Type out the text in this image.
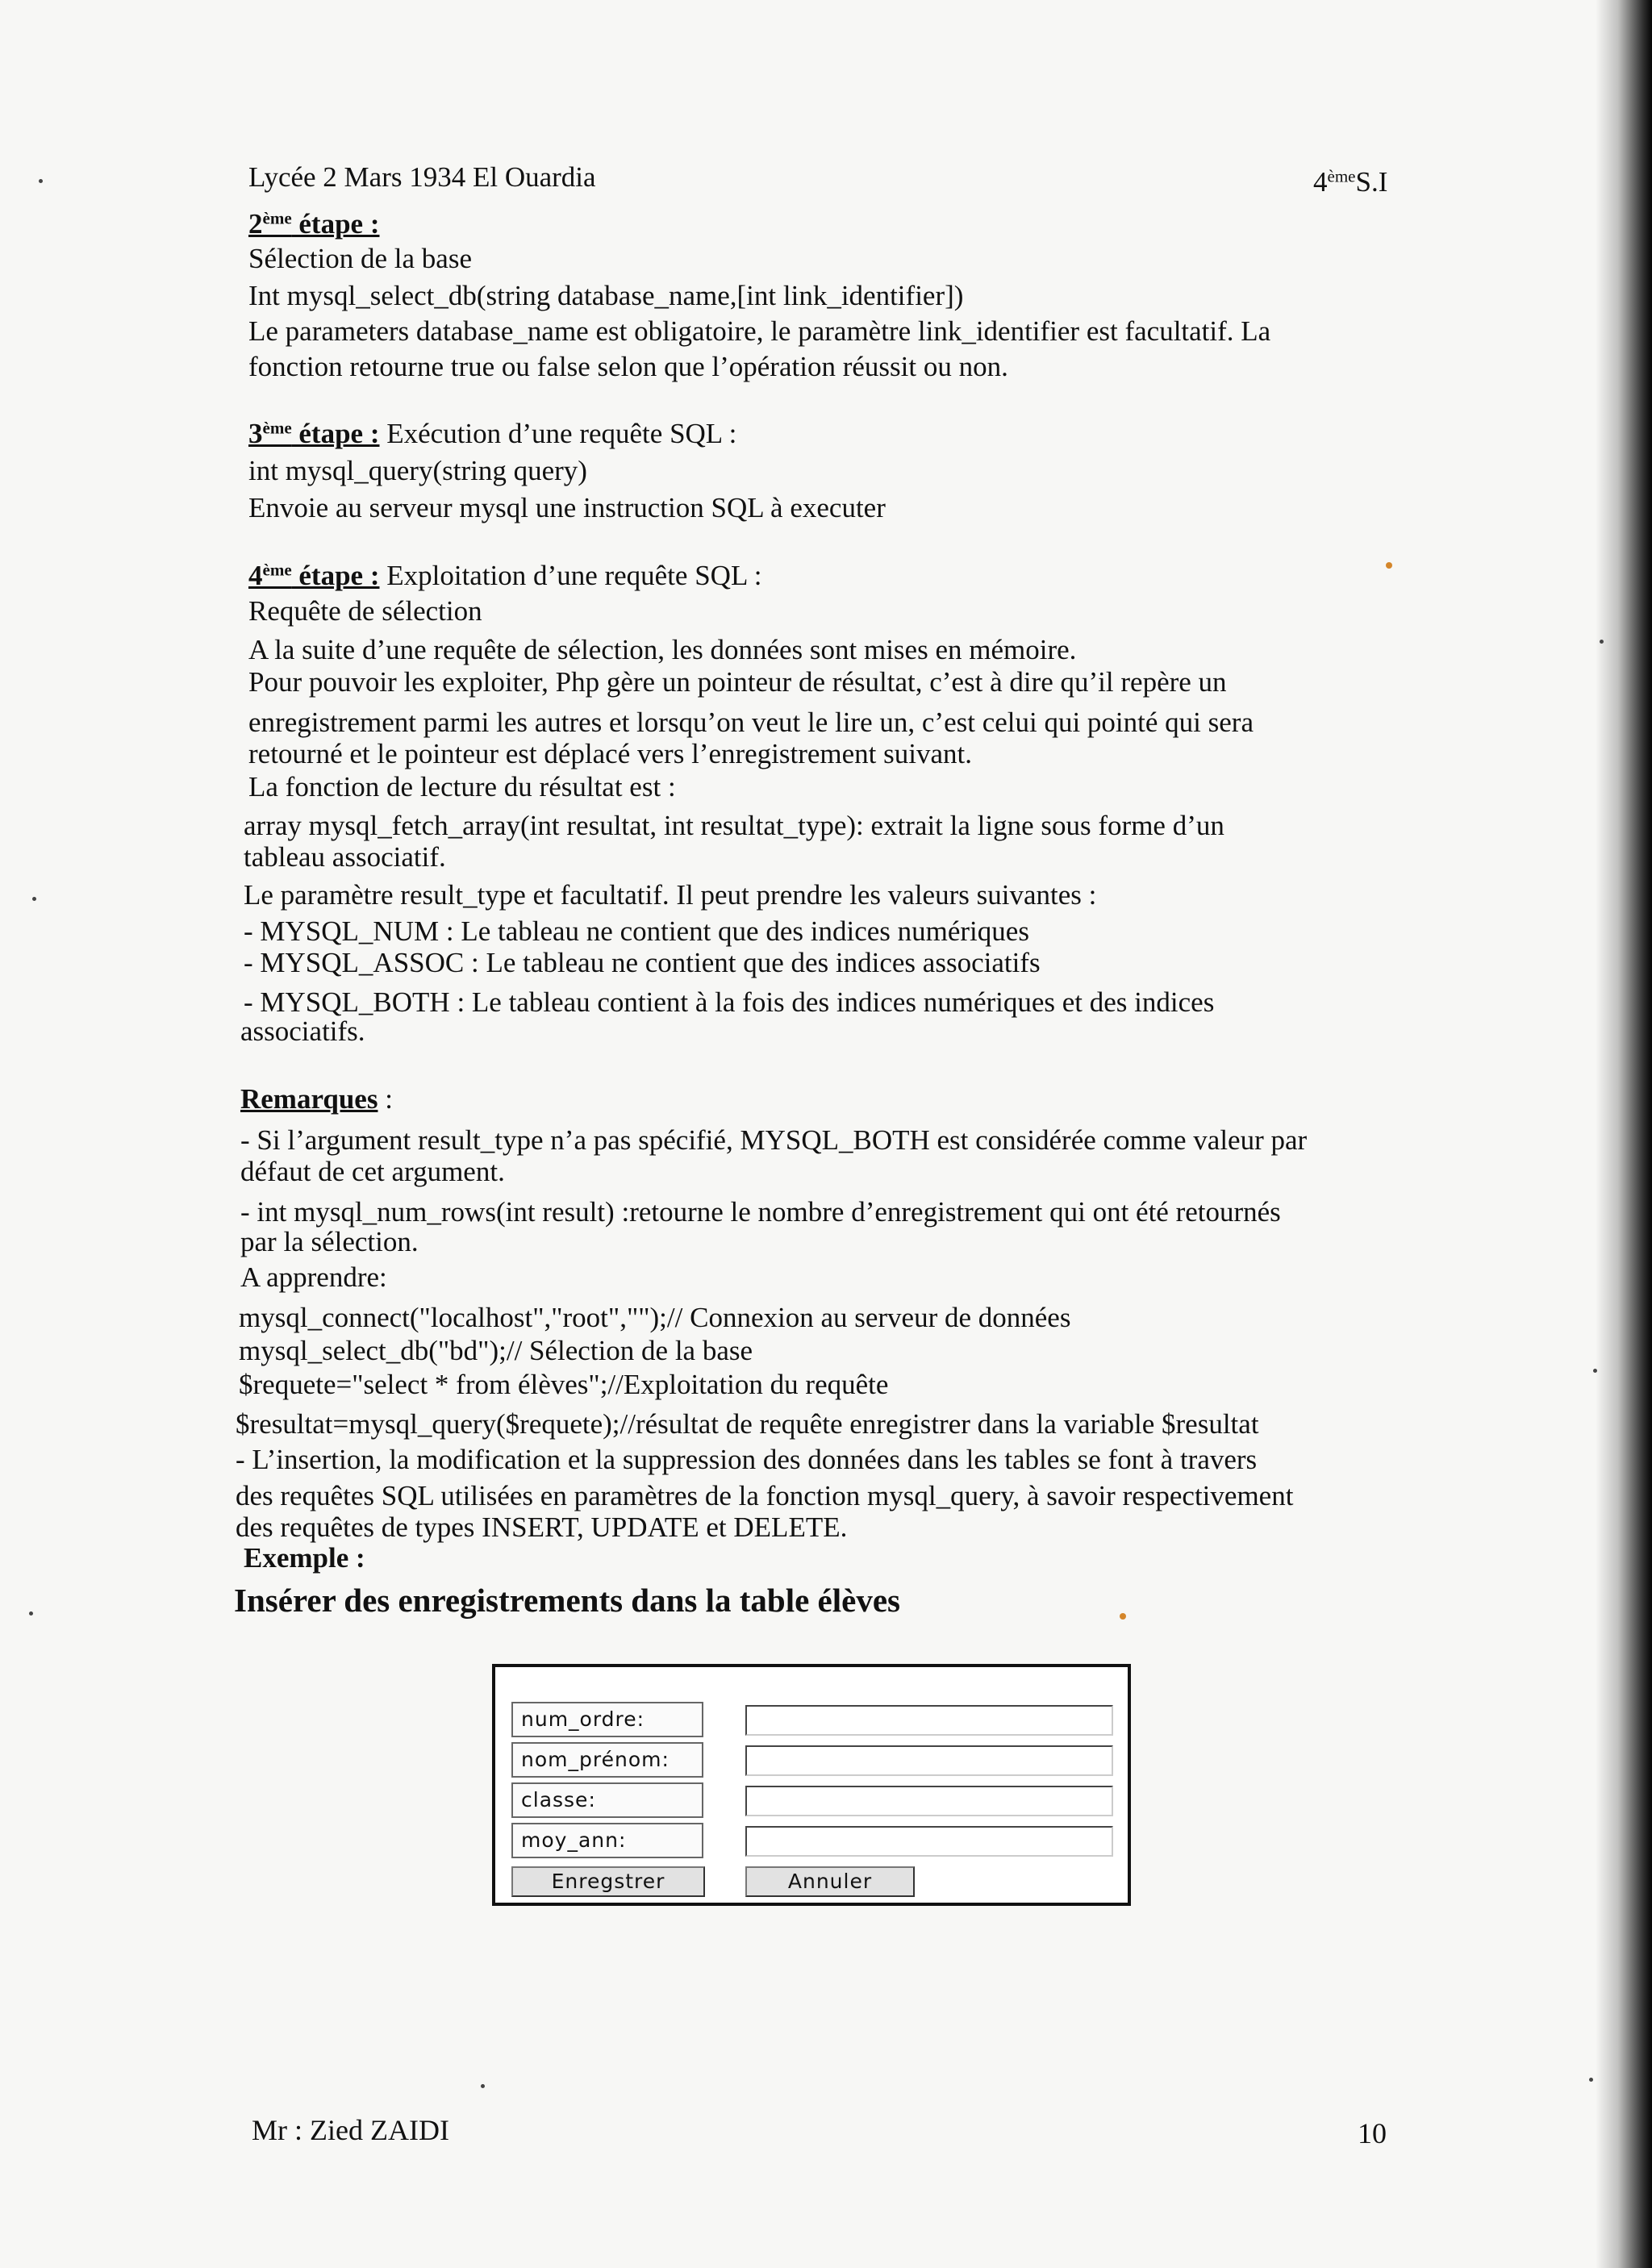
Lycée 2 Mars 1934 El Ouardia	4èmeS.I
2ème étape :
Sélection de la base
Int mysql_select_db(string database_name,[int link_identifier])
Le parameters database_name est obligatoire, le paramètre link_identifier est facultatif. La
fonction retourne true ou false selon que l’opération réussit ou non.
3ème étape : Exécution d’une requête SQL :
int mysql_query(string query)
Envoie au serveur mysql une instruction SQL à executer
4ème étape : Exploitation d’une requête SQL :
Requête de sélection
A la suite d’une requête de sélection, les données sont mises en mémoire.
Pour pouvoir les exploiter, Php gère un pointeur de résultat, c’est à dire qu’il repère un
enregistrement parmi les autres et lorsqu’on veut le lire un, c’est celui qui pointé qui sera
retourné et le pointeur est déplacé vers l’enregistrement suivant.
La fonction de lecture du résultat est :
array mysql_fetch_array(int resultat, int resultat_type): extrait la ligne sous forme d’un
tableau associatif.
Le paramètre result_type et facultatif. Il peut prendre les valeurs suivantes :
- MYSQL_NUM : Le tableau ne contient que des indices numériques
- MYSQL_ASSOC : Le tableau ne contient que des indices associatifs
- MYSQL_BOTH : Le tableau contient à la fois des indices numériques et des indices
associatifs.
Remarques :
- Si l’argument result_type n’a pas spécifié, MYSQL_BOTH est considérée comme valeur par
défaut de cet argument.
- int mysql_num_rows(int result) :retourne le nombre d’enregistrement qui ont été retournés
par la sélection.
A apprendre:
mysql_connect("localhost","root","");// Connexion au serveur de données
mysql_select_db("bd");// Sélection de la base
$requete="select * from élèves";//Exploitation du requête
$resultat=mysql_query($requete);//résultat de requête enregistrer dans la variable $resultat
- L’insertion, la modification et la suppression des données dans les tables se font à travers
des requêtes SQL utilisées en paramètres de la fonction mysql_query, à savoir respectivement
des requêtes de types INSERT, UPDATE et DELETE.
Exemple :
Insérer des enregistrements dans la table élèves
num_ordre:
nom_prénom:
classe:
moy_ann:
Enregstrer	Annuler
Mr : Zied ZAIDI	10
